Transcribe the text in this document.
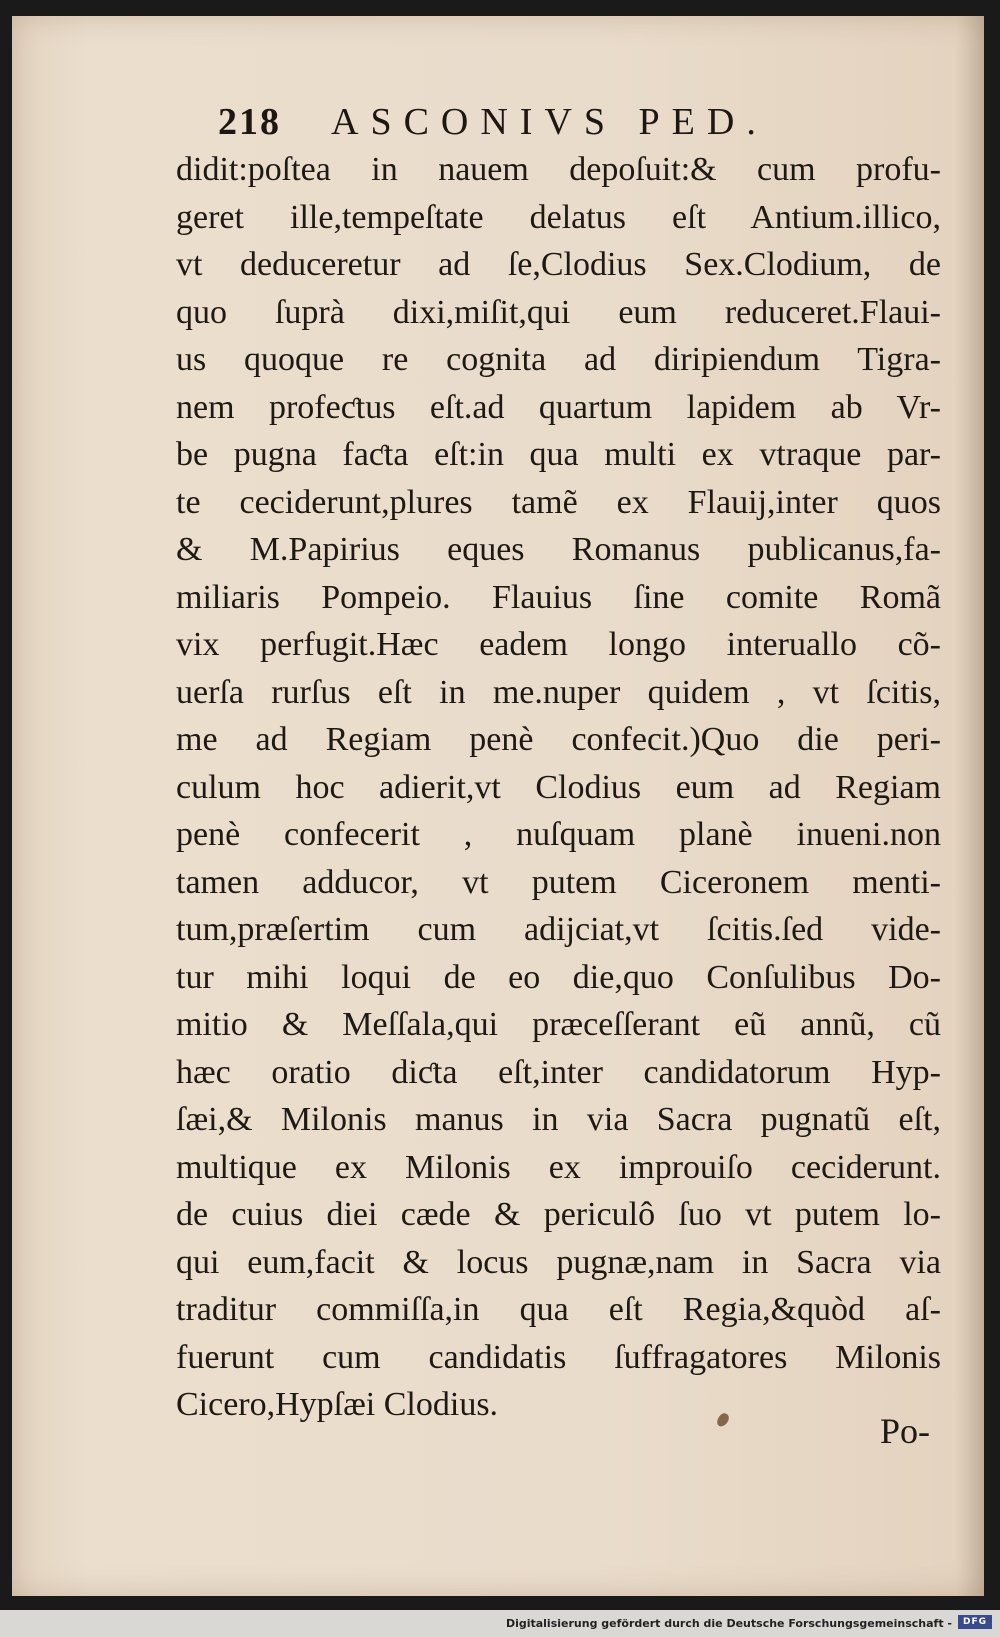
218 ASCONIVS PED.
didit:poſtea in nauem depoſuit:& cum profu-
geret ille,tempeſtate delatus eſt Antium.illico,
vt deduceretur ad ſe,Clodius Sex.Clodium, de
quo ſuprà dixi,miſit,qui eum reduceret.Flaui-
us quoque re cognita ad diripiendum Tigra-
nem profeƈtus eſt.ad quartum lapidem ab Vr-
be pugna faƈta eſt:in qua multi ex vtraque par-
te ceciderunt,plures tamẽ ex Flauij,inter quos
& M.Papirius eques Romanus publicanus,fa-
miliaris Pompeio. Flauius ſine comite Romã
vix perfugit.Hæc eadem longo interuallo cõ-
uerſa rurſus eſt in me.nuper quidem , vt ſcitis,
me ad Regiam penè confecit.)Quo die peri-
culum hoc adierit,vt Clodius eum ad Regiam
penè confecerit , nuſquam planè inueni.non
tamen adducor, vt putem Ciceronem menti-
tum,præſertim cum adijciat,vt ſcitis.ſed vide-
tur mihi loqui de eo die,quo Conſulibus Do-
mitio & Meſſala,qui præceſſerant eũ annũ, cũ
hæc oratio diƈta eſt,inter candidatorum Hyp-
ſæi,& Milonis manus in via Sacra pugnatũ eſt,
multique ex Milonis ex improuiſo ceciderunt.
de cuius diei cæde & periculô ſuo vt putem lo-
qui eum,facit & locus pugnæ,nam in Sacra via
traditur commiſſa,in qua eſt Regia,&quòd aſ-
fuerunt cum candidatis ſuffragatores Milonis
Cicero,Hypſæi Clodius.
Po-
Digitalisierung gefördert durch die Deutsche Forschungsgemeinschaft -	DFG
